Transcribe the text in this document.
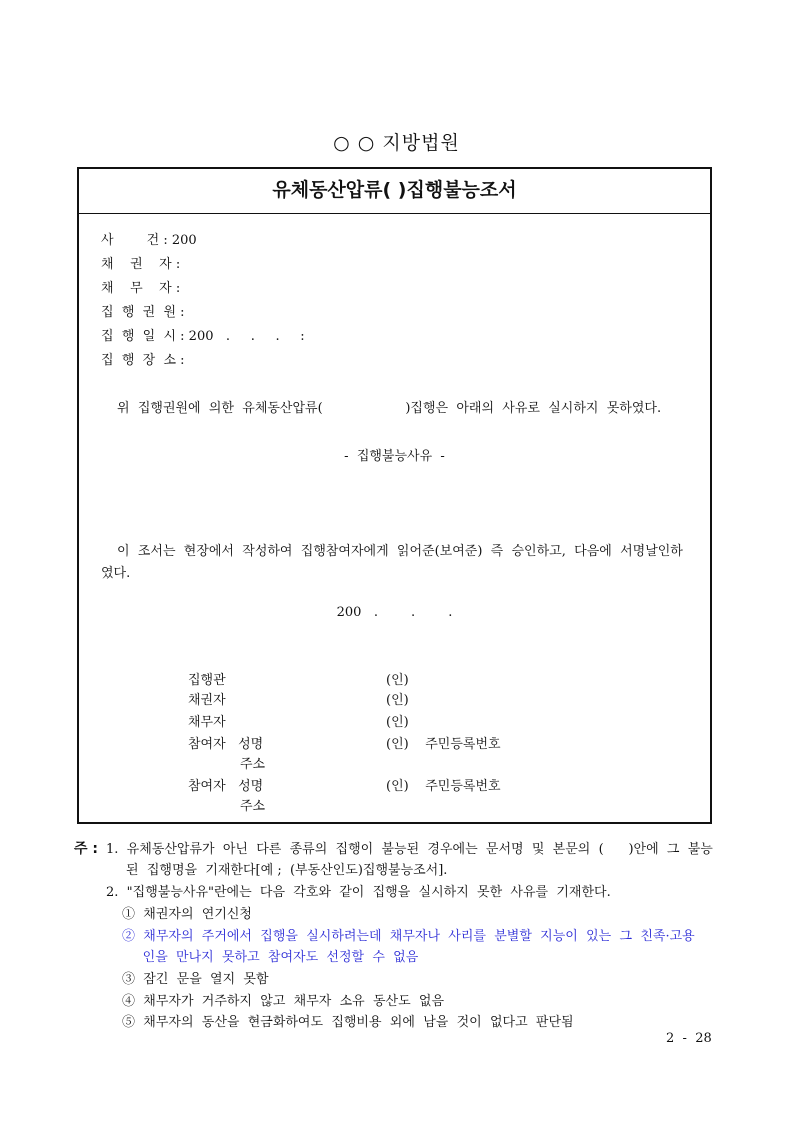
○ ○ 지방법원
유체동산압류( )집행불능조서
사        건 : 200
채    권    자 :
채    무    자 :
집  행  권  원 :
집  행  일  시 : 200   .     .     .     :
집  행  장  소 :
위  집행권원에  의한  유체동산압류(                    )집행은  아래의  사유로  실시하지  못하였다.
-  집행불능사유  -
이  조서는  현장에서  작성하여  집행참여자에게  읽어준(보여준)  즉  승인하고,  다음에  서명날인하
였다.
200   .        .        .
집행관	(인)
채권자	(인)
채무자	(인)
참여자   성명	(인)    주민등록번호
주소
참여자   성명	(인)    주민등록번호
주소
주 : 1.  유체동산압류가  아닌  다른  종류의  집행이  불능된  경우에는  문서명  및  본문의  (      )안에  그  불능
된  집행명을  기재한다[예 ;  (부동산인도)집행불능조서].
2.  "집행불능사유"란에는  다음  각호와  같이  집행을  실시하지  못한  사유를  기재한다.
①  채권자의  연기신청
②  채무자의  주거에서  집행을  실시하려는데  채무자나  사리를  분별할  지능이  있는  그  친족·고용
인을  만나지  못하고  참여자도  선정할  수  없음
③  잠긴  문을  열지  못함
④  채무자가  거주하지  않고  채무자  소유  동산도  없음
⑤  채무자의  동산을  현금화하여도  집행비용  외에  남을  것이  없다고  판단됨
2  -  28
